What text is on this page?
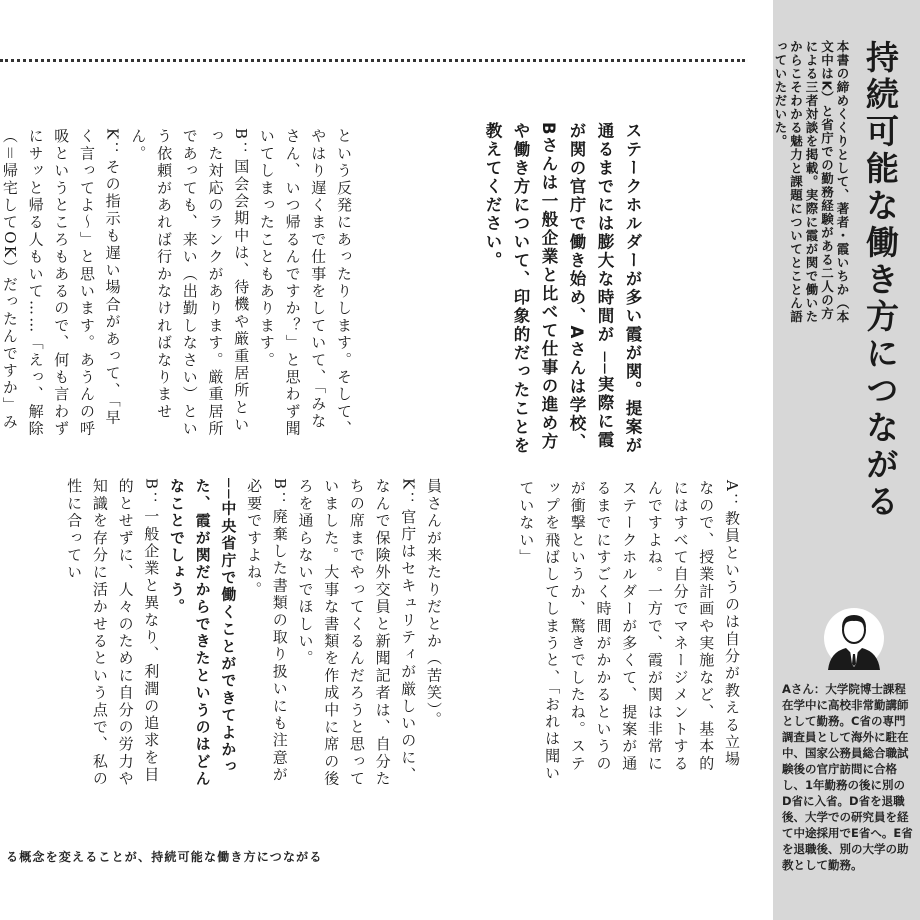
持続可能な働き方につながる
本書の締めくくりとして、著者・霞いちか（本文中はK）と省庁での勤務経験がある二人の方による三者対談を掲載。実際に霞が関で働いたからこそわかる魅力と課題についてとことん語っていただいた。
ステークホルダーが多い霞が関。提案が通るまでには膨大な時間が ──実際に霞が関の官庁で働き始め、Aさんは学校、Bさんは一般企業と比べて仕事の進め方や働き方について、印象的だったことを教えてください。

A：教員というのは自分が教える立場なので、授業計画や実施など、基本的にはすべて自分でマネージメントするんですよね。一方で、霞が関は非常にステークホルダーが多くて、提案が通るまでにすごく時間がかかるというのが衝撃というか、驚きでしたね。ステップを飛ばしてしまうと、「おれは聞いていない」

という反発にあったりします。そして、やはり遅くまで仕事をしていて、「みなさん、いつ帰るんですか？」と思わず聞いてしまったこともあります。

B：国会会期中は、待機や厳重居所といった対応のランクがあります。厳重居所であっても、来い（出勤しなさい）という依頼があれば行かなければなりません。

K：その指示も遅い場合があって、「早く言ってよ〜」と思います。あうんの呼吸というところもあるので、何も言わずにサッと帰る人もいて……「えっ、解除（＝帰宅してOK）だったんですか」み

員さんが来たりだとか（苦笑）。

K：官庁はセキュリティが厳しいのに、なんで保険外交員と新聞記者は、自分たちの席までやってくるんだろうと思っていました。大事な書類を作成中に席の後ろを通らないでほしい。

B：廃棄した書類の取り扱いにも注意が必要ですよね。

──中央省庁で働くことができてよかった、霞が関だからできたというのはどんなことでしょう。

B：一般企業と異なり、利潤の追求を目的とせずに、人々のために自分の労力や知識を存分に活かせるという点で、私の性に合ってい

Aさん：大学院博士課程在学中に高校非常勤講師として勤務。C省の専門調査員として海外に駐在中、国家公務員総合職試験後の官庁訪問に合格し、1年勤務の後に別のD省に入省。D省を退職後、大学での研究員を経て中途採用でE省へ。E省を退職後、別の大学の助教として勤務。
る概念を変えることが、持続可能な働き方につながる
